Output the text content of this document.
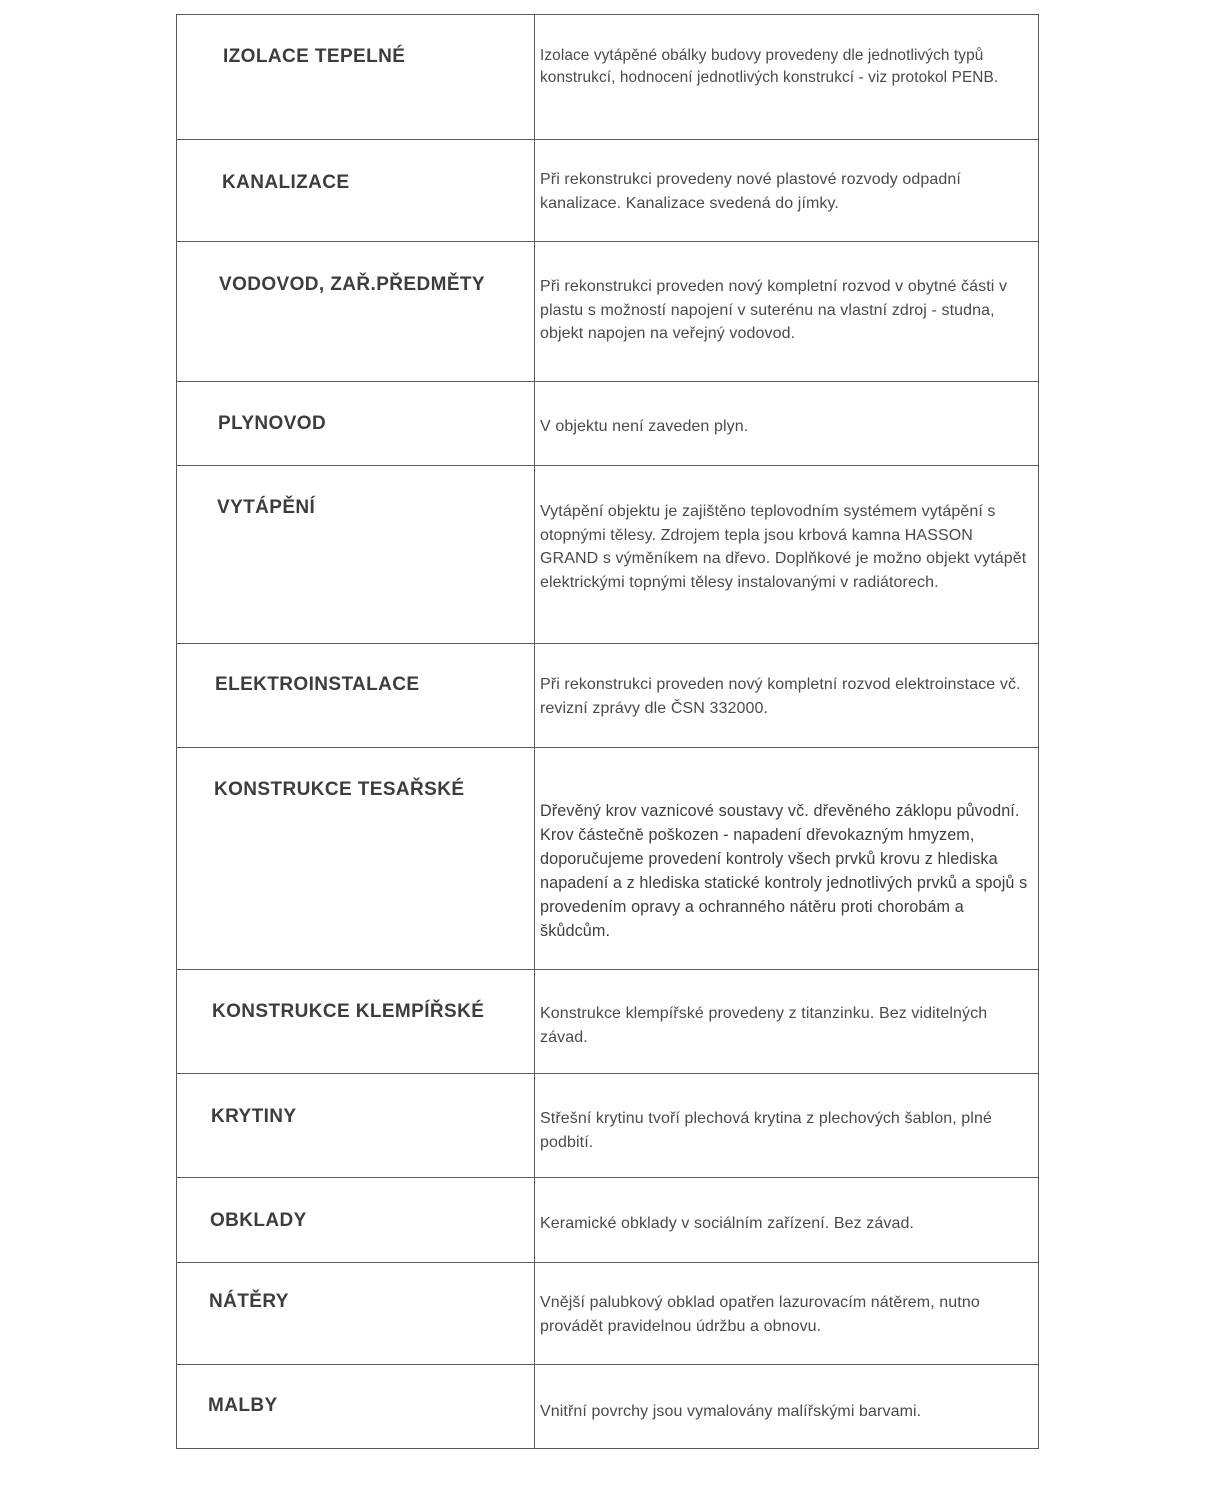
IZOLACE TEPELNÉ	Izolace vytápěné obálky budovy provedeny dle jednotlivých typů konstrukcí, hodnocení jednotlivých konstrukcí - viz protokol PENB.

KANALIZACE	Při rekonstrukci provedeny nové plastové rozvody odpadní kanalizace. Kanalizace svedená do jímky.

VODOVOD, ZAŘ.PŘEDMĚTY	Při rekonstrukci proveden nový kompletní rozvod v obytné části v plastu s možností napojení v suterénu na vlastní zdroj - studna, objekt napojen na veřejný vodovod.

PLYNOVOD	V objektu není zaveden plyn.

VYTÁPĚNÍ	Vytápění objektu je zajištěno teplovodním systémem vytápění s otopnými tělesy. Zdrojem tepla jsou krbová kamna HASSON GRAND s výměníkem na dřevo. Doplňkové je možno objekt vytápět elektrickými topnými tělesy instalovanými v radiátorech.

ELEKTROINSTALACE	Při rekonstrukci proveden nový kompletní rozvod elektroinstace vč. revizní zprávy dle ČSN 332000.

KONSTRUKCE TESAŘSKÉ	Dřevěný krov vaznicové soustavy vč. dřevěného záklopu původní. Krov částečně poškozen - napadení dřevokazným hmyzem, doporučujeme provedení kontroly všech prvků krovu z hlediska napadení a z hlediska statické kontroly jednotlivých prvků a spojů s provedením opravy a ochranného nátěru proti chorobám a škůdcům.

KONSTRUKCE KLEMPÍŘSKÉ	Konstrukce klempířské provedeny z titanzinku. Bez viditelných závad.

KRYTINY	Střešní krytinu tvoří plechová krytina z plechových šablon, plné podbití.

OBKLADY	Keramické obklady v sociálním zařízení. Bez závad.

NÁTĚRY	Vnější palubkový obklad opatřen lazurovacím nátěrem, nutno provádět pravidelnou údržbu a obnovu.

MALBY	Vnitřní povrchy jsou vymalovány malířskými barvami.
